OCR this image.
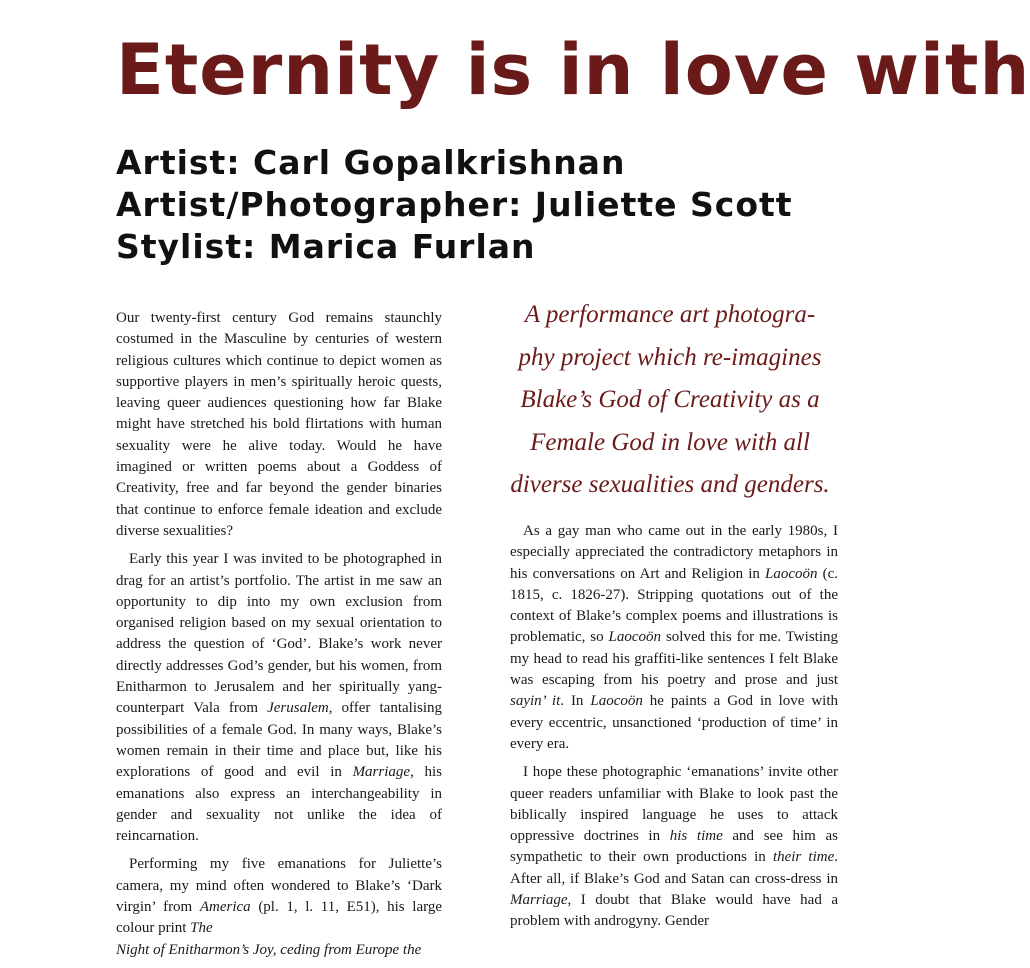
Eternity is in love with
Artist: Carl Gopalkrishnan
Artist/Photographer: Juliette Scott
Stylist: Marica Furlan

Our twenty-first century God remains staunchly costumed in the Masculine by centuries of western religious cultures which continue to depict women as supportive players in men’s spiritually heroic quests, leaving queer audiences questioning how far Blake might have stretched his bold flirtations with human sexuality were he alive today. Would he have imagined or written poems about a Goddess of Creativity, free and far beyond the gender binaries that continue to enforce female ideation and exclude diverse sexualities?

Early this year I was invited to be photographed in drag for an artist’s portfolio. The artist in me saw an opportunity to dip into my own exclusion from organised religion based on my sexual orientation to address the question of ‘God’. Blake’s work never directly addresses God’s gender, but his women, from Enitharmon to Jerusalem and her spiritually yang-counterpart Vala from Jerusalem, offer tantalising possibilities of a female God. In many ways, Blake’s women remain in their time and place but, like his explorations of good and evil in Marriage, his emanations also express an interchangeability in gender and sexuality not unlike the idea of reincarnation.

Performing my five emanations for Juliette’s camera, my mind often wondered to Blake’s ‘Dark virgin’ from America (pl. 1, l. 11, E51), his large colour print The
Night of Enitharmon’s Joy, ceding from Europe the

A performance art photogra-
phy project which re-imagines
Blake’s God of Creativity as a
Female God in love with all
diverse sexualities and genders.

As a gay man who came out in the early 1980s, I especially appreciated the contradictory metaphors in his conversations on Art and Religion in Laocoön (c. 1815, c. 1826-27). Stripping quotations out of the context of Blake’s complex poems and illustrations is problematic, so Laocoön solved this for me. Twisting my head to read his graffiti-like sentences I felt Blake was escaping from his poetry and prose and just sayin’ it. In Laocoön he paints a God in love with every eccentric, unsanctioned ‘production of time’ in every era.

I hope these photographic ‘emanations’ invite other queer readers unfamiliar with Blake to look past the biblically inspired language he uses to attack oppressive doctrines in his time and see him as sympathetic to their own productions in their time. After all, if Blake’s God and Satan can cross-dress in Marriage, I doubt that Blake would have had a problem with androgyny. Gender
